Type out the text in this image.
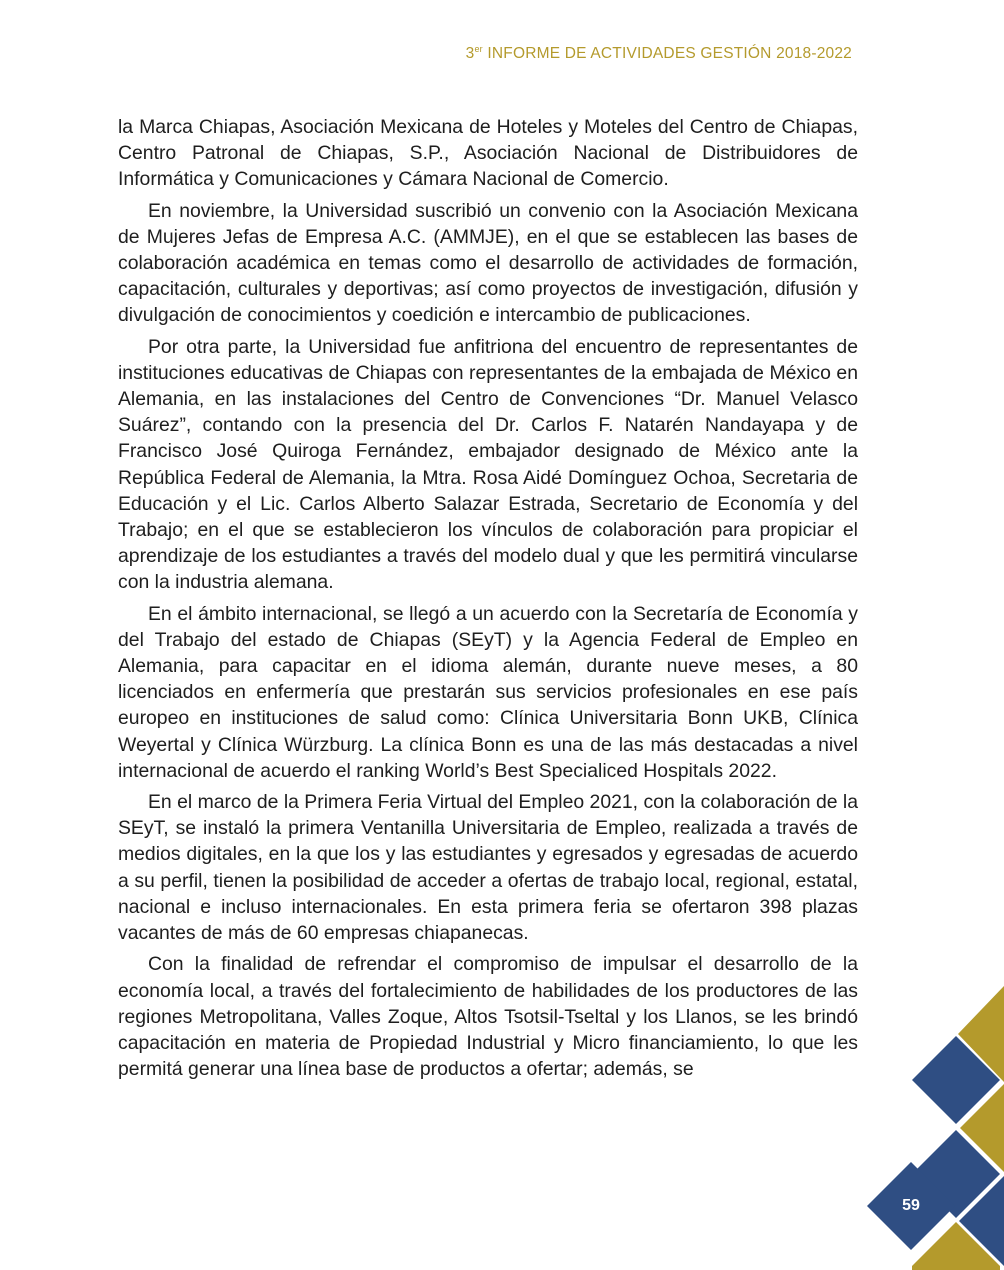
3er INFORME DE ACTIVIDADES GESTIÓN 2018-2022

la Marca Chiapas, Asociación Mexicana de Hoteles y Moteles del Centro de Chiapas, Centro Patronal de Chiapas, S.P., Asociación Nacional de Distribuidores de Informática y Comunicaciones y Cámara Nacional de Comercio.

En noviembre, la Universidad suscribió un convenio con la Asociación Mexicana de Mujeres Jefas de Empresa A.C. (AMMJE), en el que se establecen las bases de colaboración académica en temas como el desarrollo de actividades de formación, capacitación, culturales y deportivas; así como proyectos de investigación, difusión y divulgación de conocimientos y coedición e intercambio de publicaciones.

Por otra parte, la Universidad fue anfitriona del encuentro de representantes de instituciones educativas de Chiapas con representantes de la embajada de México en Alemania, en las instalaciones del Centro de Convenciones “Dr. Manuel Velasco Suárez”, contando con la presencia del Dr. Carlos F. Natarén Nandayapa y de Francisco José Quiroga Fernández, embajador designado de México ante la República Federal de Alemania, la Mtra. Rosa Aidé Domínguez Ochoa, Secretaria de Educación y el Lic. Carlos Alberto Salazar Estrada, Secretario de Economía y del Trabajo; en el que se establecieron los vínculos de colaboración para propiciar el aprendizaje de los estudiantes a través del modelo dual y que les permitirá vincularse con la industria alemana.

En el ámbito internacional, se llegó a un acuerdo con la Secretaría de Economía y del Trabajo del estado de Chiapas (SEyT) y la Agencia Federal de Empleo en Alemania, para capacitar en el idioma alemán, durante nueve meses, a 80 licenciados en enfermería que prestarán sus servicios profesionales en ese país europeo en instituciones de salud como: Clínica Universitaria Bonn UKB, Clínica Weyertal y Clínica Würzburg. La clínica Bonn es una de las más destacadas a nivel internacional de acuerdo el ranking World’s Best Specialiced Hospitals 2022.

En el marco de la Primera Feria Virtual del Empleo 2021, con la colaboración de la SEyT, se instaló la primera Ventanilla Universitaria de Empleo, realizada a través de medios digitales, en la que los y las estudiantes y egresados y egresadas de acuerdo a su perfil, tienen la posibilidad de acceder a ofertas de trabajo local, regional, estatal, nacional e incluso internacionales. En esta primera feria se ofertaron 398 plazas vacantes de más de 60 empresas chiapanecas.

Con la finalidad de refrendar el compromiso de impulsar el desarrollo de la economía local, a través del fortalecimiento de habilidades de los productores de las regiones Metropolitana, Valles Zoque, Altos Tsotsil-Tseltal y los Llanos, se les brindó capacitación en materia de Propiedad Industrial y Micro financiamiento, lo que les permitá generar una línea base de productos a ofertar; además, se

59
